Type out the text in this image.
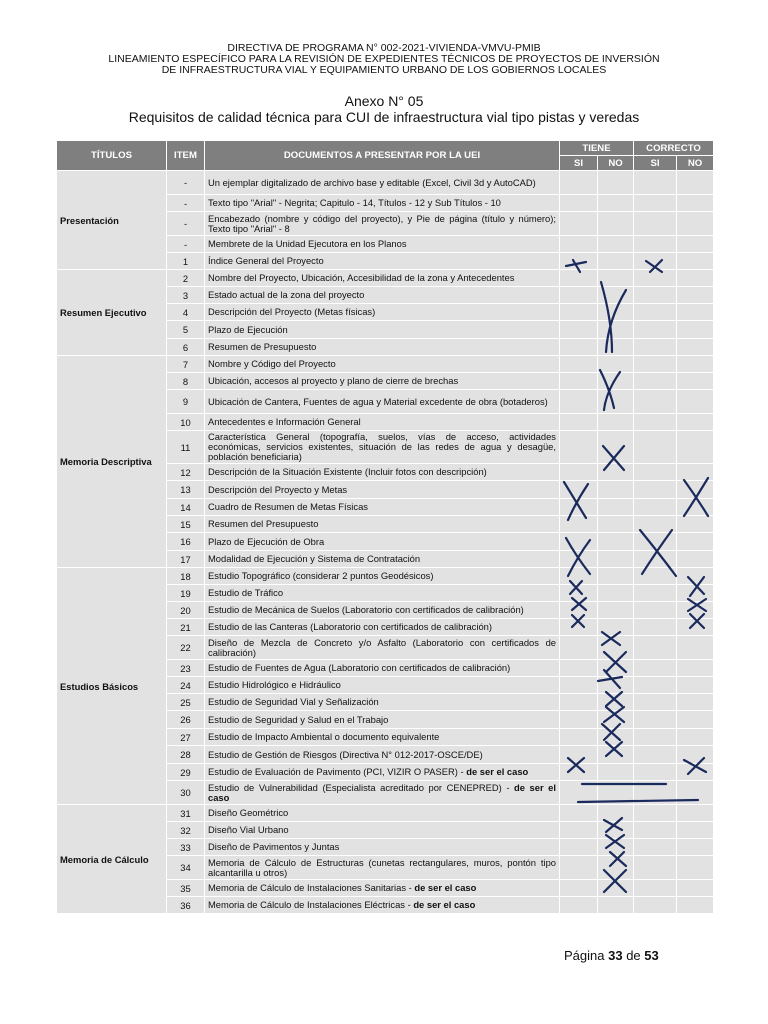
DIRECTIVA DE PROGRAMA N° 002-2021-VIVIENDA-VMVU-PMIB
LINEAMIENTO ESPECÍFICO PARA LA REVISIÓN DE EXPEDIENTES TÉCNICOS DE PROYECTOS DE INVERSIÓN
DE INFRAESTRUCTURA VIAL Y EQUIPAMIENTO URBANO DE LOS GOBIERNOS LOCALES
Anexo N° 05
Requisitos de calidad técnica para CUI de infraestructura vial tipo pistas y veredas
TÍTULOS	ITEM	DOCUMENTOS A PRESENTAR POR LA UEI	TIENE		CORRECTO	
			SI	NO	SI	NO
Presentación	-	Un ejemplar digitalizado de archivo base y editable (Excel, Civil 3d y AutoCAD)				
	-	Texto tipo "Arial" - Negrita; Capitulo - 14, Títulos - 12 y Sub Títulos - 10				
	-	Encabezado (nombre y código del proyecto), y Pie de página (título y número); Texto tipo "Arial" - 8				
	-	Membrete de la Unidad Ejecutora en los Planos				
	1	Índice General del Proyecto				
Resumen Ejecutivo	2	Nombre del Proyecto, Ubicación, Accesibilidad de la zona y Antecedentes				
	3	Estado actual de la zona del proyecto				
	4	Descripción del Proyecto (Metas físicas)				
	5	Plazo de Ejecución				
	6	Resumen de Presupuesto				
Memoria Descriptiva	7	Nombre y Código del Proyecto				
	8	Ubicación, accesos al proyecto y plano de cierre de brechas				
	9	Ubicación de Cantera, Fuentes de agua y Material excedente de obra (botaderos)				
	10	Antecedentes e Información General				
	11	Característica General (topografía, suelos, vías de acceso, actividades económicas, servicios existentes, situación de las redes de agua y desagüe, población beneficiaria)				
	12	Descripción de la Situación Existente (Incluir fotos con descripción)				
	13	Descripción del Proyecto y Metas				
	14	Cuadro de Resumen de Metas Físicas				
	15	Resumen del Presupuesto				
	16	Plazo de Ejecución de Obra				
	17	Modalidad de Ejecución y Sistema de Contratación				
Estudios Básicos	18	Estudio Topográfico (considerar 2 puntos Geodésicos)				
	19	Estudio de Tráfico				
	20	Estudio de Mecánica de Suelos (Laboratorio con certificados de calibración)				
	21	Estudio de las Canteras (Laboratorio con certificados de calibración)				
	22	Diseño de Mezcla de Concreto y/o Asfalto (Laboratorio con certificados de calibración)				
	23	Estudio de Fuentes de Agua (Laboratorio con certificados de calibración)				
	24	Estudio Hidrológico e Hidráulico				
	25	Estudio de Seguridad Vial y Señalización				
	26	Estudio de Seguridad y Salud en el Trabajo				
	27	Estudio de Impacto Ambiental o documento equivalente				
	28	Estudio de Gestión de Riesgos (Directiva N° 012-2017-OSCE/DE)				
	29	Estudio de Evaluación de Pavimento (PCI, VIZIR O PASER) - de ser el caso				
	30	Estudio de Vulnerabilidad (Especialista acreditado por CENEPRED) - de ser el caso				
Memoria de Cálculo	31	Diseño Geométrico				
	32	Diseño Vial Urbano				
	33	Diseño de Pavimentos y Juntas				
	34	Memoria de Cálculo de Estructuras (cunetas rectangulares, muros, pontón tipo alcantarilla u otros)				
	35	Memoria de Cálculo de Instalaciones Sanitarias - de ser el caso				
	36	Memoria de Cálculo de Instalaciones Eléctricas - de ser el caso				
Página 33 de 53
